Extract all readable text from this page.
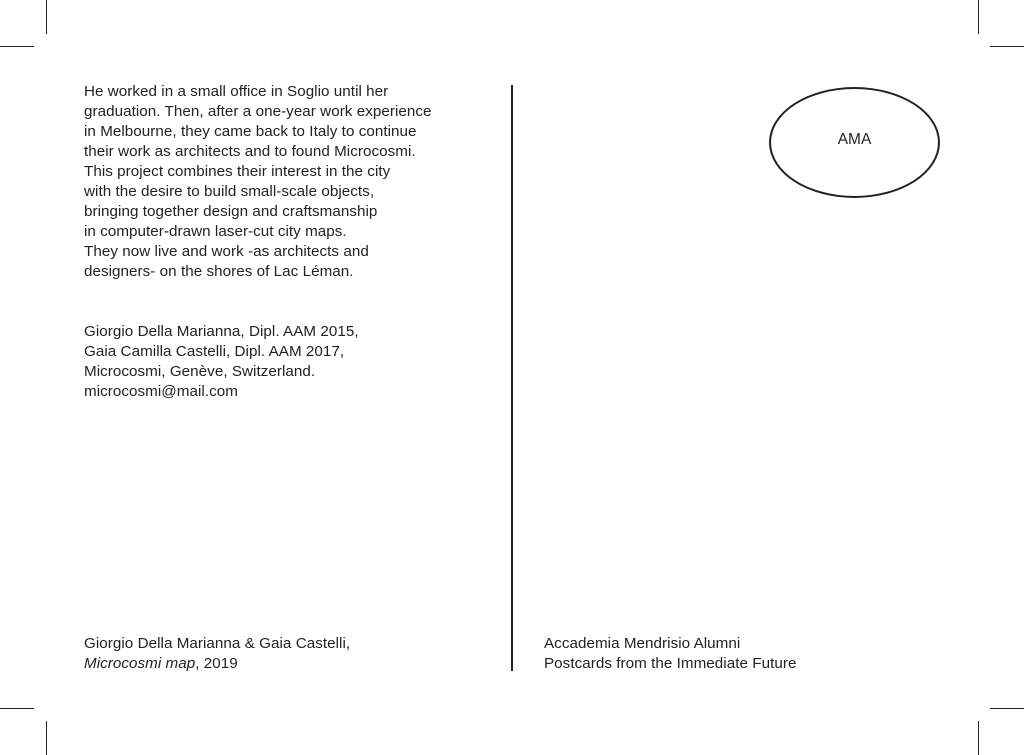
He worked in a small office in Soglio until her
graduation. Then, after a one-year work experience
in Melbourne, they came back to Italy to continue
their work as architects and to found Microcosmi.
This project combines their interest in the city
with the desire to build small-scale objects,
bringing together design and craftsmanship
in computer-drawn laser-cut city maps.
They now live and work -as architects and
designers- on the shores of Lac Léman.
Giorgio Della Marianna, Dipl. AAM 2015,
Gaia Camilla Castelli, Dipl. AAM 2017,
Microcosmi, Genève, Switzerland.
microcosmi@mail.com
Giorgio Della Marianna & Gaia Castelli,
Microcosmi map, 2019
AMA
Accademia Mendrisio Alumni
Postcards from the Immediate Future
